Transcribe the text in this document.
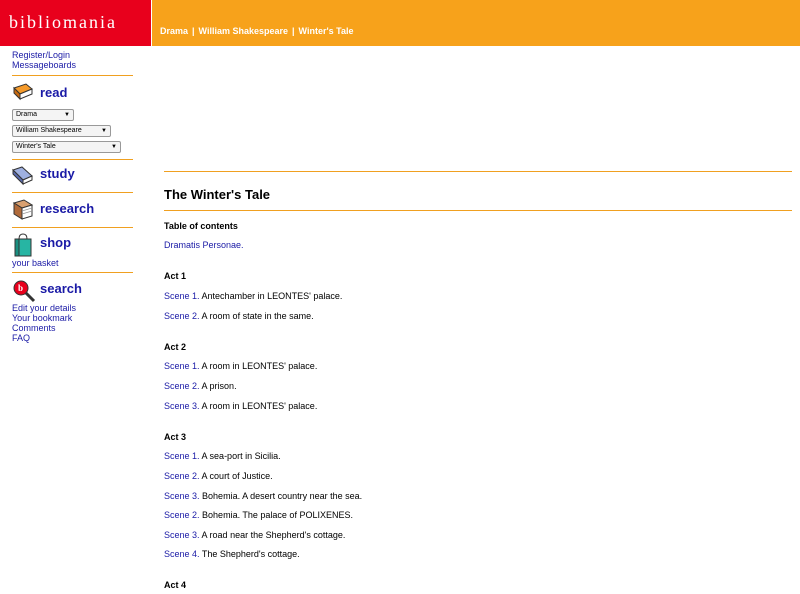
bibliomania	Drama | William Shakespeare | Winter's Tale
Register/Login
Messageboards
read
Drama	▼
William Shakespeare	▼
Winter's Tale	▼
study
research
shop
your basket
b search
Edit your details
Your bookmark
Comments
FAQ
The Winter's Tale
Table of contents
Dramatis Personae.
Act 1
Scene 1. Antechamber in LEONTES' palace.
Scene 2. A room of state in the same.
Act 2
Scene 1. A room in LEONTES' palace.
Scene 2. A prison.
Scene 3. A room in LEONTES' palace.
Act 3
Scene 1. A sea-port in Sicilia.
Scene 2. A court of Justice.
Scene 3. Bohemia. A desert country near the sea.
Scene 2. Bohemia. The palace of POLIXENES.
Scene 3. A road near the Shepherd's cottage.
Scene 4. The Shepherd's cottage.
Act 4
